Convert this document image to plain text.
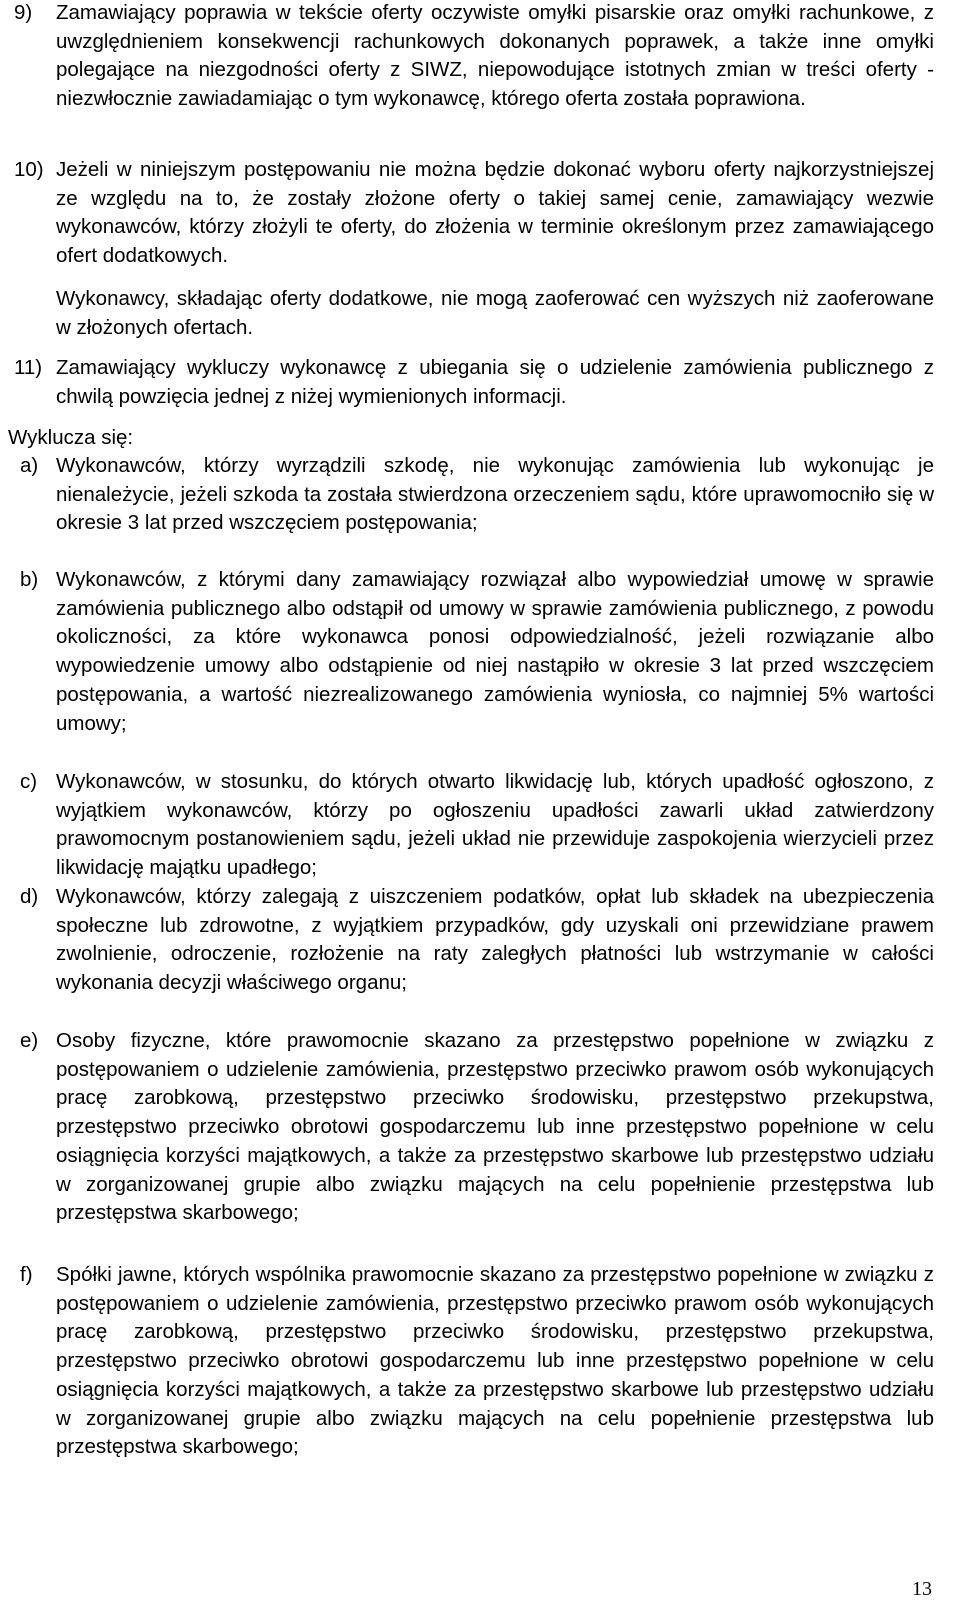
9)	Zamawiający poprawia w tekście oferty oczywiste omyłki pisarskie oraz omyłki rachunkowe, z uwzględnieniem konsekwencji rachunkowych dokonanych poprawek, a także inne omyłki polegające na niezgodności oferty z SIWZ, niepowodujące istotnych zmian w treści oferty - niezwłocznie zawiadamiając o tym wykonawcę, którego oferta została poprawiona.
10) Jeżeli w niniejszym postępowaniu nie można będzie dokonać wyboru oferty najkorzystniejszej ze względu na to, że zostały złożone oferty o takiej samej cenie, zamawiający wezwie wykonawców, którzy złożyli te oferty, do złożenia w terminie określonym przez zamawiającego ofert dodatkowych.
Wykonawcy, składając oferty dodatkowe, nie mogą zaoferować cen wyższych niż zaoferowane w złożonych ofertach.
11) Zamawiający wykluczy wykonawcę z ubiegania się o udzielenie zamówienia publicznego z chwilą powzięcia jednej z niżej wymienionych informacji.
Wyklucza się:
a) Wykonawców, którzy wyrządzili szkodę, nie wykonując zamówienia lub wykonując je nienależycie, jeżeli szkoda ta została stwierdzona orzeczeniem sądu, które uprawomocniło się w okresie 3 lat przed wszczęciem postępowania;
b) Wykonawców, z którymi dany zamawiający rozwiązał albo wypowiedział umowę w sprawie zamówienia publicznego albo odstąpił od umowy w sprawie zamówienia publicznego, z powodu okoliczności, za które wykonawca ponosi odpowiedzialność, jeżeli rozwiązanie albo wypowiedzenie umowy albo odstąpienie od niej nastąpiło w okresie 3 lat przed wszczęciem postępowania, a wartość niezrealizowanego zamówienia wyniosła, co najmniej 5% wartości umowy;
c) Wykonawców, w stosunku, do których otwarto likwidację lub, których upadłość ogłoszono, z wyjątkiem wykonawców, którzy po ogłoszeniu upadłości zawarli układ zatwierdzony prawomocnym postanowieniem sądu, jeżeli układ nie przewiduje zaspokojenia wierzycieli przez likwidację majątku upadłego;
d) Wykonawców, którzy zalegają z uiszczeniem podatków, opłat lub składek na ubezpieczenia społeczne lub zdrowotne, z wyjątkiem przypadków, gdy uzyskali oni przewidziane prawem zwolnienie, odroczenie, rozłożenie na raty zaległych płatności lub wstrzymanie w całości wykonania decyzji właściwego organu;
e) Osoby fizyczne, które prawomocnie skazano za przestępstwo popełnione w związku z postępowaniem o udzielenie zamówienia, przestępstwo przeciwko prawom osób wykonujących pracę zarobkową, przestępstwo przeciwko środowisku, przestępstwo przekupstwa, przestępstwo przeciwko obrotowi gospodarczemu lub inne przestępstwo popełnione w celu osiągnięcia korzyści majątkowych, a także za przestępstwo skarbowe lub przestępstwo udziału w zorganizowanej grupie albo związku mających na celu popełnienie przestępstwa lub przestępstwa skarbowego;
f)	Spółki jawne, których wspólnika prawomocnie skazano za przestępstwo popełnione w związku z postępowaniem o udzielenie zamówienia, przestępstwo przeciwko prawom osób wykonujących pracę zarobkową, przestępstwo przeciwko środowisku, przestępstwo przekupstwa, przestępstwo przeciwko obrotowi gospodarczemu lub inne przestępstwo popełnione w celu osiągnięcia korzyści majątkowych, a także za przestępstwo skarbowe lub przestępstwo udziału w zorganizowanej grupie albo związku mających na celu popełnienie przestępstwa lub przestępstwa skarbowego;
13
